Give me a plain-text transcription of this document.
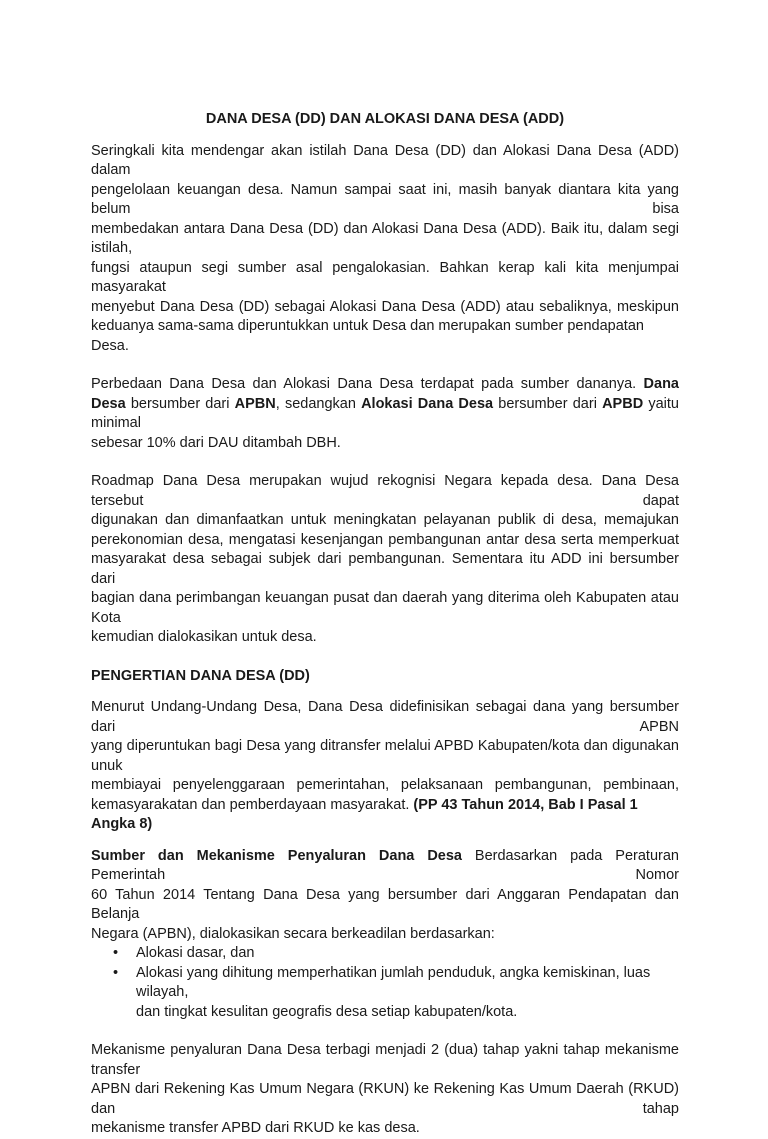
DANA DESA (DD) DAN ALOKASI DANA DESA (ADD)

Seringkali kita mendengar akan istilah Dana Desa (DD) dan Alokasi Dana Desa (ADD) dalam

pengelolaan keuangan desa. Namun sampai saat ini, masih banyak diantara kita yang belum bisa

membedakan antara Dana Desa (DD) dan Alokasi Dana Desa (ADD). Baik itu, dalam segi istilah,

fungsi ataupun segi sumber asal pengalokasian. Bahkan kerap kali kita menjumpai masyarakat

menyebut Dana Desa (DD) sebagai Alokasi Dana Desa (ADD) atau sebaliknya, meskipun

keduanya sama-sama diperuntukkan untuk Desa dan merupakan sumber pendapatan Desa.

Perbedaan Dana Desa dan Alokasi Dana Desa terdapat pada sumber dananya. Dana

Desa bersumber dari APBN, sedangkan Alokasi Dana Desa bersumber dari APBD yaitu minimal

sebesar 10% dari DAU ditambah DBH.

Roadmap Dana Desa merupakan wujud rekognisi Negara kepada desa. Dana Desa tersebut dapat

digunakan dan dimanfaatkan untuk meningkatan pelayanan publik di desa, memajukan

perekonomian desa, mengatasi kesenjangan pembangunan antar desa serta memperkuat

masyarakat desa sebagai subjek dari pembangunan. Sementara itu ADD ini bersumber dari

bagian dana perimbangan keuangan pusat dan daerah yang diterima oleh Kabupaten atau Kota

kemudian dialokasikan untuk desa.

PENGERTIAN DANA DESA (DD)

Menurut Undang-Undang Desa, Dana Desa didefinisikan sebagai dana yang bersumber dari APBN

yang diperuntukan bagi Desa yang ditransfer melalui APBD Kabupaten/kota dan digunakan unuk

membiayai penyelenggaraan pemerintahan, pelaksanaan pembangunan, pembinaan,

kemasyarakatan dan pemberdayaan masyarakat. (PP 43 Tahun 2014, Bab I Pasal 1 Angka 8)

Sumber dan Mekanisme Penyaluran Dana Desa Berdasarkan pada Peraturan Pemerintah Nomor

60 Tahun 2014 Tentang Dana Desa yang bersumber dari Anggaran Pendapatan dan Belanja

Negara (APBN), dialokasikan secara berkeadilan berdasarkan:

• Alokasi dasar, dan
• Alokasi yang dihitung memperhatikan jumlah penduduk, angka kemiskinan, luas wilayah,
dan tingkat kesulitan geografis desa setiap kabupaten/kota.

Mekanisme penyaluran Dana Desa terbagi menjadi 2 (dua) tahap yakni tahap mekanisme transfer

APBN dari Rekening Kas Umum Negara (RKUN) ke Rekening Kas Umum Daerah (RKUD) dan tahap

mekanisme transfer APBD dari RKUD ke kas desa.
